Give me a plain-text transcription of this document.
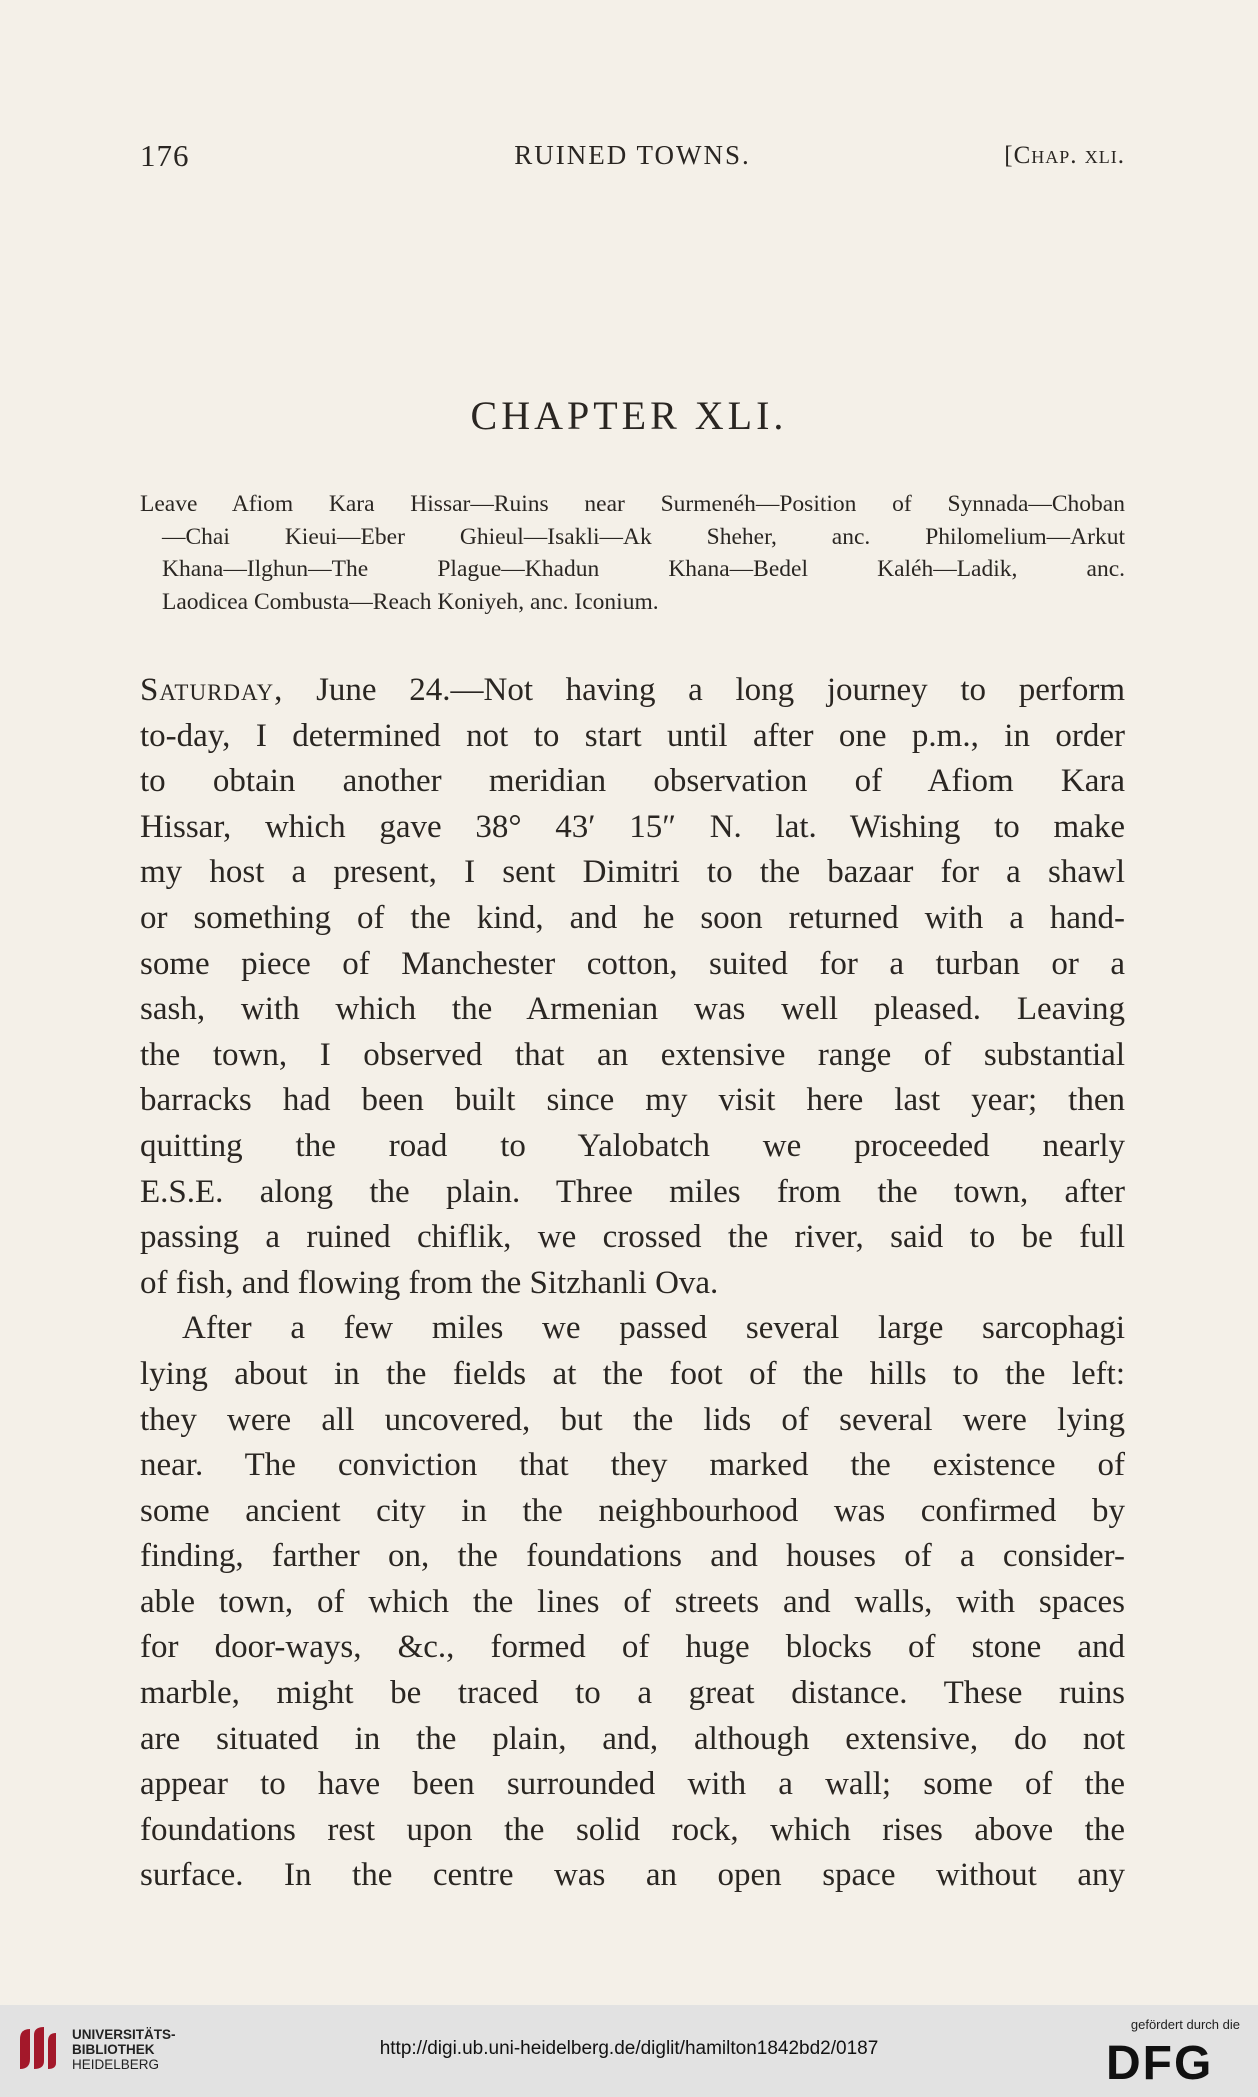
176	RUINED TOWNS.	[Chap. xli.
CHAPTER XLI.
Leave Afiom Kara Hissar—Ruins near Surmenéh—Position of Synnada—Choban
—Chai Kieui—Eber Ghieul—Isakli—Ak Sheher, anc. Philomelium—Arkut
Khana—Ilghun—The Plague—Khadun Khana—Bedel Kaléh—Ladik, anc.
Laodicea Combusta—Reach Koniyeh, anc. Iconium.
Saturday, June 24.—Not having a long journey to perform
to-day, I determined not to start until after one p.m., in order
to obtain another meridian observation of Afiom Kara
Hissar, which gave 38° 43′ 15″ N. lat. Wishing to make
my host a present, I sent Dimitri to the bazaar for a shawl
or something of the kind, and he soon returned with a hand-
some piece of Manchester cotton, suited for a turban or a
sash, with which the Armenian was well pleased. Leaving
the town, I observed that an extensive range of substantial
barracks had been built since my visit here last year; then
quitting the road to Yalobatch we proceeded nearly
E.S.E. along the plain. Three miles from the town, after
passing a ruined chiflik, we crossed the river, said to be full
of fish, and flowing from the Sitzhanli Ova.
After a few miles we passed several large sarcophagi
lying about in the fields at the foot of the hills to the left:
they were all uncovered, but the lids of several were lying
near. The conviction that they marked the existence of
some ancient city in the neighbourhood was confirmed by
finding, farther on, the foundations and houses of a consider-
able town, of which the lines of streets and walls, with spaces
for door-ways, &c., formed of huge blocks of stone and
marble, might be traced to a great distance. These ruins
are situated in the plain, and, although extensive, do not
appear to have been surrounded with a wall; some of the
foundations rest upon the solid rock, which rises above the
surface. In the centre was an open space without any
UNIVERSITÄTS-
BIBLIOTHEK
HEIDELBERG
http://digi.ub.uni-heidelberg.de/diglit/hamilton1842bd2/0187
gefördert durch die
DFG
